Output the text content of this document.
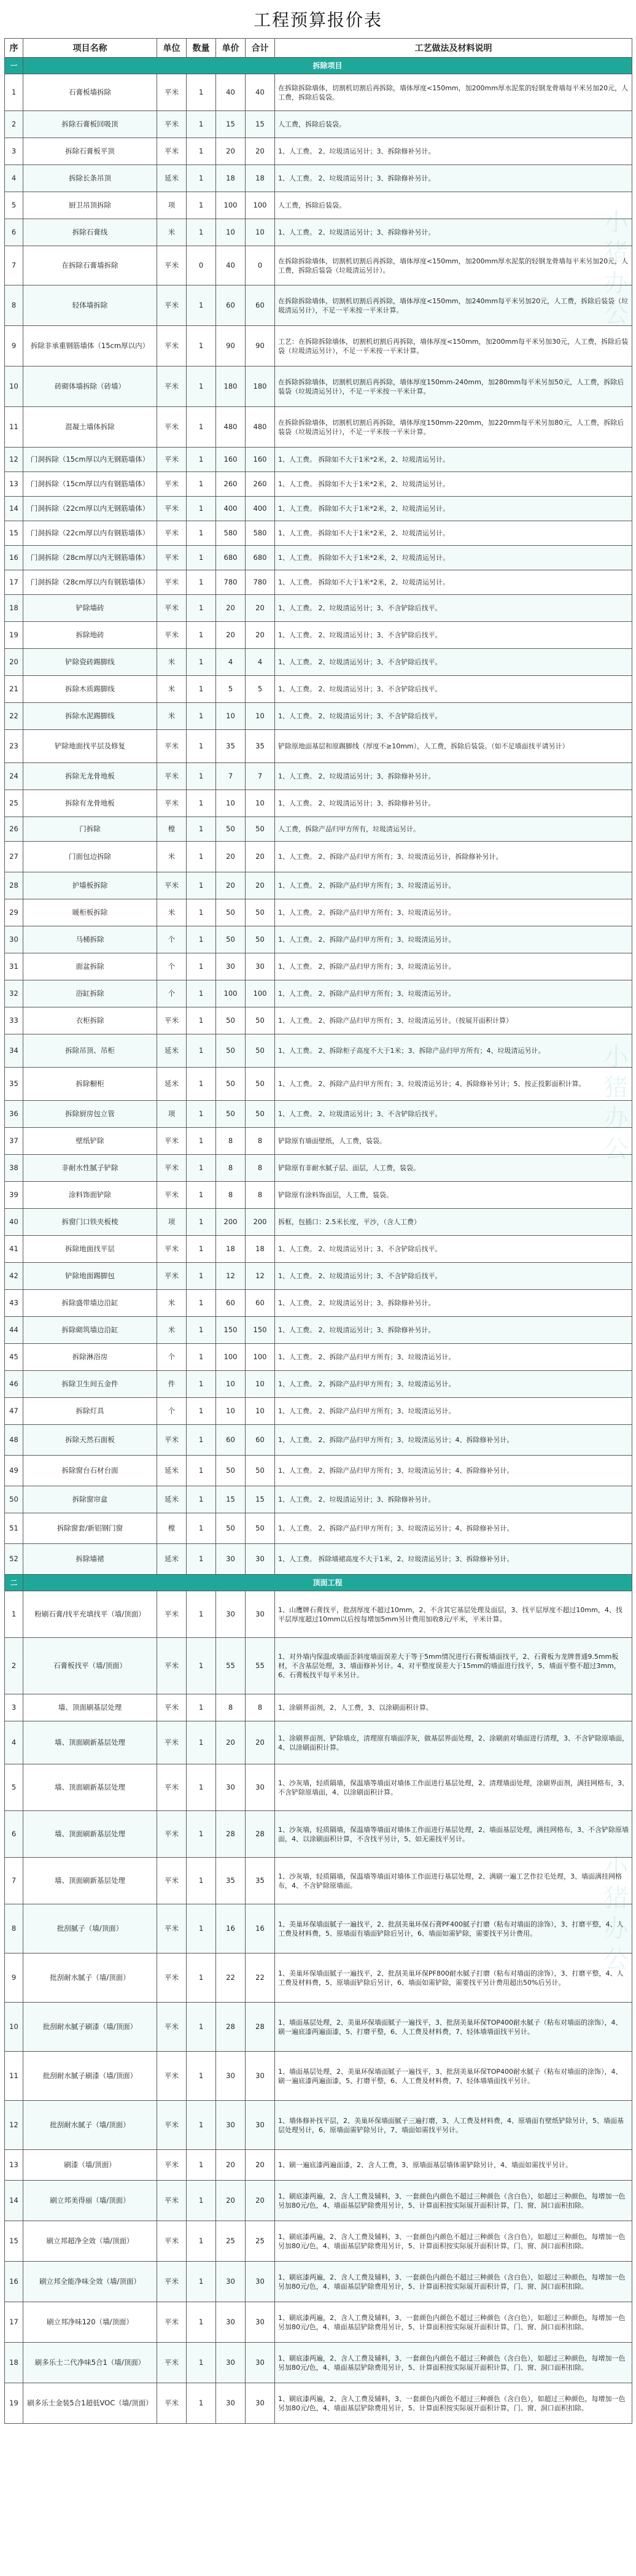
工程预算报价表
小猪办公
序	项目名称	单位	数量	单价	合计	工艺做法及材料说明
一	拆除项目					
1	石膏板墙拆除	平米	1	40	40	在拆除拆除墙体，切割机切割后再拆除，墙体厚度<150mm，加200mm厚水泥浆的轻钢龙骨墙每平米另加20元，人工费，拆除后装袋。
2	拆除石膏板回吸顶	平米	1	15	15	人工费，拆除后装袋。
3	拆除石膏板平顶	平米	1	20	20	1、人工费。 2、垃圾清运另计；3、拆除修补另计。
4	拆除长条吊顶	延米	1	18	18	1、人工费。 2、垃圾清运另计；3、拆除修补另计。
5	厨卫吊顶拆除	项	1	100	100	人工费，拆除后装袋。
6	拆除石膏线	米	1	10	10	1、人工费。 2、垃圾清运另计；3、拆除修补另计。
7	在拆除石膏墙拆除	平米	0	40	0	在拆除拆除墙体，切割机切割后再拆除，墙体厚度<150mm，加200mm厚水泥浆的轻钢龙骨墙每平米另加20元，人工费，拆除后装袋（垃圾清运另计）。
8	轻体墙拆除	平米	1	60	60	在拆除拆除墙体，切割机切割后再拆除，墙体厚度<150mm，加240mm每平米另加20元，人工费，拆除后装袋（垃圾清运另计），不足一平米按一平米计算。
9	拆除非承重钢筋墙体（15cm厚以内）	平米	1	90	90	工艺：在拆除拆除墙体，切割机切割后再拆除，墙体厚度<150mm，加200mm每平米另加30元，人工费，拆除后装袋（垃圾清运另计），不足一平米按一平米计算。
10	砖砌体墙拆除（砖墙）	平米	1	180	180	在拆除拆除墙体，切割机切割后再拆除，墙体厚度150mm-240mm，加280mm每平米另加50元，人工费，拆除后装袋（垃圾清运另计），不足一平米按一平米计算。
11	混凝土墙体拆除	平米	1	480	480	在拆除拆除墙体，切割机切割后再拆除，墙体厚度150mm-220mm，加220mm每平米另加80元，人工费，拆除后装袋（垃圾清运另计），不足一平米按一平米计算。
12	门洞拆除（15cm厚以内无钢筋墙体）	平米	1	160	160	1、人工费。 拆除如不大于1米*2米，2、垃圾清运另计。
13	门洞拆除（15cm厚以内有钢筋墙体）	平米	1	260	260	1、人工费。 拆除如不大于1米*2米，2、垃圾清运另计。
14	门洞拆除（22cm厚以内无钢筋墙体）	平米	1	400	400	1、人工费。 拆除如不大于1米*2米，2、垃圾清运另计。
15	门洞拆除（22cm厚以内有钢筋墙体）	平米	1	580	580	1、人工费。 拆除如不大于1米*2米，2、垃圾清运另计。
16	门洞拆除（28cm厚以内无钢筋墙体）	平米	1	680	680	1、人工费。 拆除如不大于1米*2米，2、垃圾清运另计。
17	门洞拆除（28cm厚以内有钢筋墙体）	平米	1	780	780	1、人工费。 拆除如不大于1米*2米，2、垃圾清运另计。
18	铲除墙砖	平米	1	20	20	1、人工费。 2、垃圾清运另计；3、不含铲除后找平。
19	拆除地砖	平米	1	20	20	1、人工费。 2、垃圾清运另计；3、不含铲除后找平。
20	铲除瓷砖踢脚线	米	1	4	4	1、人工费。 2、垃圾清运另计；3、不含铲除后找平。
21	拆除木质踢脚线	米	1	5	5	1、人工费。 2、垃圾清运另计；3、不含铲除后找平。
22	拆除水泥踢脚线	米	1	10	10	1、人工费。 2、垃圾清运另计；3、不含铲除后找平。
23	铲除地面找平层及修复	平米	1	35	35	铲除原地面基层和原踢脚线（厚度不≥10mm），人工费，拆除后装袋。（如不足墙面找平请另计）
24	拆除无龙骨地板	平米	1	7	7	1、人工费。 2、垃圾清运另计；3、拆除修补另计。
25	拆除有龙骨地板	平米	1	10	10	1、人工费。 2、垃圾清运另计；3、拆除修补另计。
26	门拆除	樘	1	50	50	人工费，拆除产品归甲方所有，垃圾清运另计。
27	门面包边拆除	米	1	20	20	1、人工费。 2、拆除产品归甲方所有；3、垃圾清运另计，拆除修补另计。
28	护墙板拆除	平米	1	20	20	1、人工费。 2、拆除产品归甲方所有；3、垃圾清运另计。
29	暖柜板拆除	米	1	50	50	1、人工费。 2、拆除产品归甲方所有；3、垃圾清运另计。
30	马桶拆除	个	1	50	50	1、人工费。 2、拆除产品归甲方所有；3、垃圾清运另计。
31	面盆拆除	个	1	30	30	1、人工费。 2、拆除产品归甲方所有；3、垃圾清运另计。
32	浴缸拆除	个	1	100	100	1、人工费。 2、拆除产品归甲方所有；3、垃圾清运另计。
33	衣柜拆除	平米	1	50	50	1、人工费。 2、拆除产品归甲方所有；3、垃圾清运另计。（按展开面积计算）
34	拆除吊顶、吊柜	延米	1	50	50	1、人工费。 2、拆除柜子高度不大于1米；3、拆除产品归甲方所有；4、垃圾清运另计。
35	拆除橱柜	延米	1	50	50	1、人工费。 2、拆除产品归甲方所有；3、垃圾清运另计；4、拆除修补另计；5、按正投影面积计算。
36	拆除厨房包立管	项	1	50	50	1、人工费。 2、垃圾清运另计；3、不含铲除后找平。
37	壁纸铲除	平米	1	8	8	铲除原有墙面壁纸，人工费，装袋。
38	非耐水性腻子铲除	平米	1	8	8	铲除原有非耐水腻子层、面层，人工费，装袋。
39	涂料饰面铲除	平米	1	8	8	铲除原有涂料饰面层，人工费，装袋。
40	拆窗门口铁夹板棱	项	1	200	200	拆框，包插口：2.5米长度，平沙，（含人工费）
41	拆除地面找平层	平米	1	18	18	1、人工费。 2、垃圾清运另计；3、不含铲除后找平。
42	铲除地面踢脚包	平米	1	12	12	1、人工费。 2、垃圾清运另计；3、不含铲除后找平。
43	拆除盛带墙边沿缸	米	1	60	60	1、人工费。 2、垃圾清运另计；3、拆除修补另计。
44	拆除砌筑墙边沿缸	米	1	150	150	1、人工费。 2、垃圾清运另计；3、拆除修补另计。
45	拆除淋浴房	个	1	100	100	1、人工费。 2、拆除产品归甲方所有；3、垃圾清运另计。
46	拆除卫生间五金件	件	1	10	10	1、人工费。 2、拆除产品归甲方所有；3、垃圾清运另计。
47	拆除灯具	个	1	10	10	1、人工费。 2、拆除产品归甲方所有；3、垃圾清运另计。
48	拆除天然石面板	平米	1	60	60	1、人工费。 2、拆除产品归甲方所有；3、垃圾清运另计；4、拆除修补另计。
49	拆除窗台石材台面	延米	1	50	50	1、人工费。 2、拆除产品归甲方所有；3、垃圾清运另计；4、拆除修补另计。
50	拆除窗帘盒	延米	1	15	15	1、人工费。 2、垃圾清运另计；3、拆除修补另计。
51	拆除窗套/新铝钢门窗	樘	1	50	50	1、人工费。 2、拆除产品归甲方所有；3、垃圾清运另计；4、拆除修补另计。
52	拆除墙裙	延米	1	30	30	1、人工费。 拆除墙裙高度不大于1米，2、垃圾清运另计；3、拆除修补另计。
二	顶面工程					
1	粉刷石膏/找平充填找平（墙/顶面）	平米	1	30	30	1、山鹰牌石膏找平，批刮厚度不超过10mm，2、不含其它基层处理及面层，3、找平层厚度不超过10mm，4、找平层厚度超过10mm以后按每增加5mm另计费用加收8元/平米，平米计算。
2	石膏板找平（墙/顶面）	平米	1	55	55	1、对外墙内保温或墙面歪斜度墙面误差大于等于5mm情况进行石膏板墙面找平，2、石膏板为龙牌普通9.5mm板材，不含基层处理，3、墙面修补另计。4、对平整度误差大于15mm的墙面进行找平，5、墙面平整不超过3mm，6、石膏板找平每平米另计。
3	墙、顶面刷基层处理	平米	1	8	8	1、涂刷界面剂，2、人工费，3、以涂刷面积计算。
4	墙、顶面刷新基层处理	平米	1	20	20	1、涂刷界面剂、铲除墙皮，清理原有墙面浮灰，做基层界面处理，2、涂刷前对墙面进行清理，3、不含铲除原墙面，4、以涂刷面积计算。
5	墙、顶面刷新基层处理	平米	1	30	30	1、沙灰墙，轻质隔墙，保温墙等墙面对墙体工作面进行基层处理，2、清理墙面处理，涂刷界面剂，满挂网格布，3、不含铲除原墙面，4、以涂刷面积计算。
6	墙、顶面刷新基层处理	平米	1	28	28	1、沙灰墙，轻质隔墙，保温墙等墙面对墙体工作面进行基层处理，2、墙面基层处理，满挂网格布，3、不含铲除原墙面，4、以涂刷面积计算，不含找平另计，5、如无需找平另计。
7	墙、顶面刷新基层处理	平米	1	35	35	1、沙灰墙，轻质隔墙，保温墙等墙面对墙体工作面进行基层处理，2、满刷一遍工艺作拉毛处理，3、墙面满挂网格布，4、不含铲除原墙面。
8	批刮腻子（墙/顶面）	平米	1	16	16	1、美巢环保墙面腻子一遍找平，2、批刮美巢环保石膏PF400腻子打磨（粘布对墙面的涂饰），3、打磨平整，4、人工费及材料费，5、原墙面有墙面铲除后另计，6、墙面如需铲除，需要找平另计费用。
9	批刮耐水腻子（墙/顶面）	平米	1	22	22	1、美巢环保墙面腻子一遍找平，2、批刮美巢环保PF800耐水腻子打磨（粘布对墙面的涂饰），3、打磨平整，4、人工费及材料费，5、原墙面铲除后另计，6、墙面如需铲除，需要找平另计费用超出50%后另计。
10	批刮耐水腻子刷漆（墙/顶面）	平米	1	28	28	1、墙面基层处理，2、美巢环保墙面腻子一遍找平，3、批刮美巢环保TOP400耐水腻子（粘布对墙面的涂饰），4、刷一遍底漆两遍面漆，5、打磨平整，6、人工费及材料费，7、轻体墙墙面找平另计。
11	批刮耐水腻子刷漆（墙/顶面）	平米	1	30	30	1、墙面基层处理，2、美巢环保墙面腻子一遍找平，3、批刮美巢环保TOP400耐水腻子（粘布对墙面的涂饰），4、刷一遍底漆两遍面漆，5、打磨平整，6、人工费及材料费，7、轻体墙墙面找平另计。
12	批刮耐水腻子（墙/顶面）	平米	1	30	30	1、墙体修补找平层，2、美巢环保墙面腻子三遍打磨，3、人工费及材料费，4、原墙面有壁纸铲除另计，5、墙面基层处理另计，6、原墙面需铲除另计，7、墙面如需找平另计。
13	刷漆（墙/顶面）	平米	1	20	20	1、刷一遍底漆两遍面漆，2、含人工费，3、原墙面基层墙体需铲除另计，4、墙面如需找平另计。
14	刷立邦美得丽（墙/顶面）	平米	1	20	20	1、刷底漆两遍，2、含人工费及辅料，3、一套颜色内颜色不超过三种颜色（含白色），如超过三种颜色，每增加一色另加80元/色，4、墙面基层铲除费用另计，5、计算面积按实际展开面积计算，门、窗、洞口面积扣除。
15	刷立邦超净全效（墙/顶面）	平米	1	25	25	1、刷底漆两遍，2、含人工费及辅料，3、一套颜色内颜色不超过三种颜色（含白色），如超过三种颜色，每增加一色另加80元/色，4、墙面基层铲除费用另计，5、计算面积按实际展开面积计算，门、窗、洞口面积扣除。
16	刷立邦全能净味全效（墙/顶面）	平米	1	30	30	1、刷底漆两遍，2、含人工费及辅料，3、一套颜色内颜色不超过三种颜色（含白色），如超过三种颜色，每增加一色另加80元/色，4、墙面基层铲除费用另计，5、计算面积按实际展开面积计算，门、窗、洞口面积扣除。
17	刷立邦净味120（墙/顶面）	平米	1	30	30	1、刷底漆两遍，2、含人工费及辅料，3、一套颜色内颜色不超过三种颜色（含白色），如超过三种颜色，每增加一色另加80元/色，4、墙面基层铲除费用另计，5、计算面积按实际展开面积计算，门、窗、洞口面积扣除。
18	刷多乐士二代净味5合1（墙/顶面）	平米	1	30	30	1、刷底漆两遍，2、含人工费及辅料，3、一套颜色内颜色不超过三种颜色（含白色），如超过三种颜色，每增加一色另加80元/色，4、墙面基层铲除费用另计，5、计算面积按实际展开面积计算，门、窗、洞口面积扣除。
19	刷多乐士金装5合1超低VOC（墙/顶面）	平米	1	30	30	1、刷底漆两遍，2、含人工费及辅料，3、一套颜色内颜色不超过三种颜色（含白色），如超过三种颜色，每增加一色另加80元/色，4、墙面基层铲除费用另计，5、计算面积按实际展开面积计算，门、窗、洞口面积扣除。
